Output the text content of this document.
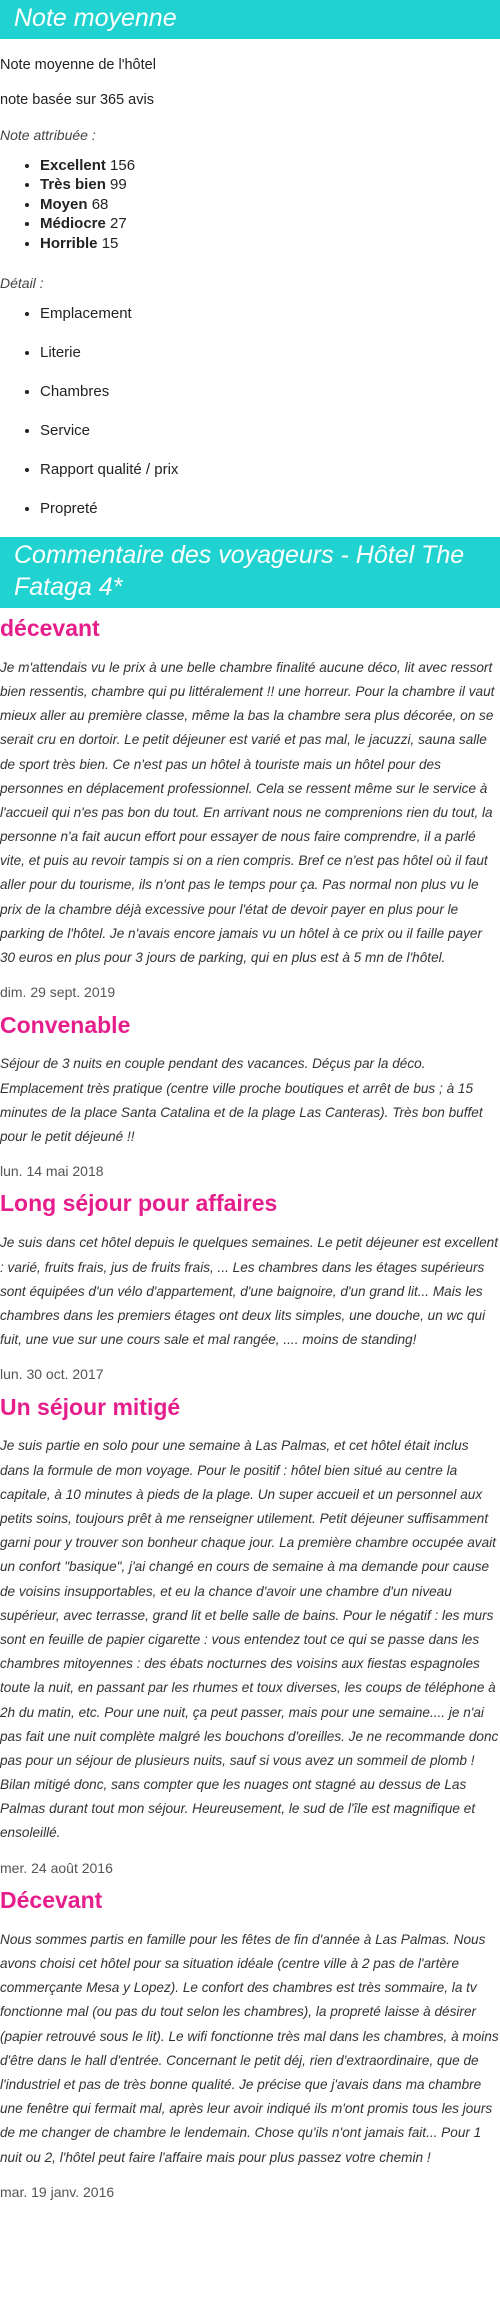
Note moyenne

Note moyenne de l'hôtel

note basée sur 365 avis

Note attribuée :

• Excellent 156
• Très bien 99
• Moyen 68
• Médiocre 27
• Horrible 15

Détail :

• Emplacement
• Literie
• Chambres
• Service
• Rapport qualité / prix
• Propreté
Commentaire des voyageurs - Hôtel The Fataga 4*
décevant

Je m'attendais vu le prix à une belle chambre finalité aucune déco, lit avec ressort bien ressentis, chambre qui pu littéralement !! une horreur. Pour la chambre il vaut mieux aller au première classe, même la bas la chambre sera plus décorée, on se serait cru en dortoir. Le petit déjeuner est varié et pas mal, le jacuzzi, sauna salle de sport très bien. Ce n'est pas un hôtel à touriste mais un hôtel pour des personnes en déplacement professionnel. Cela se ressent même sur le service à l'accueil qui n'es pas bon du tout. En arrivant nous ne comprenions rien du tout, la personne n'a fait aucun effort pour essayer de nous faire comprendre, il a parlé vite, et puis au revoir tampis si on a rien compris. Bref ce n'est pas hôtel où il faut aller pour du tourisme, ils n'ont pas le temps pour ça. Pas normal non plus vu le prix de la chambre déjà excessive pour l'état de devoir payer en plus pour le parking de l'hôtel. Je n'avais encore jamais vu un hôtel à ce prix ou il faille payer 30 euros en plus pour 3 jours de parking, qui en plus est à 5 mn de l'hôtel.

dim. 29 sept. 2019

Convenable

Séjour de 3 nuits en couple pendant des vacances. Déçus par la déco. Emplacement très pratique (centre ville proche boutiques et arrêt de bus ; à 15 minutes de la place Santa Catalina et de la plage Las Canteras). Très bon buffet pour le petit déjeuné !!

lun. 14 mai 2018

Long séjour pour affaires

Je suis dans cet hôtel depuis le quelques semaines. Le petit déjeuner est excellent : varié, fruits frais, jus de fruits frais, ... Les chambres dans les étages supérieurs sont équipées d'un vélo d'appartement, d'une baignoire, d'un grand lit... Mais les chambres dans les premiers étages ont deux lits simples, une douche, un wc qui fuit, une vue sur une cours sale et mal rangée, .... moins de standing!

lun. 30 oct. 2017

Un séjour mitigé

Je suis partie en solo pour une semaine à Las Palmas, et cet hôtel était inclus dans la formule de mon voyage. Pour le positif : hôtel bien situé au centre la capitale, à 10 minutes à pieds de la plage. Un super accueil et un personnel aux petits soins, toujours prêt à me renseigner utilement. Petit déjeuner suffisamment garni pour y trouver son bonheur chaque jour. La première chambre occupée avait un confort "basique", j'ai changé en cours de semaine à ma demande pour cause de voisins insupportables, et eu la chance d'avoir une chambre d'un niveau supérieur, avec terrasse, grand lit et belle salle de bains. Pour le négatif : les murs sont en feuille de papier cigarette : vous entendez tout ce qui se passe dans les chambres mitoyennes : des ébats nocturnes des voisins aux fiestas espagnoles toute la nuit, en passant par les rhumes et toux diverses, les coups de téléphone à 2h du matin, etc. Pour une nuit, ça peut passer, mais pour une semaine.... je n'ai pas fait une nuit complète malgré les bouchons d'oreilles. Je ne recommande donc pas pour un séjour de plusieurs nuits, sauf si vous avez un sommeil de plomb ! Bilan mitigé donc, sans compter que les nuages ont stagné au dessus de Las Palmas durant tout mon séjour. Heureusement, le sud de l'île est magnifique et ensoleillé.

mer. 24 août 2016

Décevant

Nous sommes partis en famille pour les fêtes de fin d'année à Las Palmas. Nous avons choisi cet hôtel pour sa situation idéale (centre ville à 2 pas de l'artère commerçante Mesa y Lopez). Le confort des chambres est très sommaire, la tv fonctionne mal (ou pas du tout selon les chambres), la propreté laisse à désirer (papier retrouvé sous le lit). Le wifi fonctionne très mal dans les chambres, à moins d'être dans le hall d'entrée. Concernant le petit déj, rien d'extraordinaire, que de l'industriel et pas de très bonne qualité. Je précise que j'avais dans ma chambre une fenêtre qui fermait mal, après leur avoir indiqué ils m'ont promis tous les jours de me changer de chambre le lendemain. Chose qu'ils n'ont jamais fait... Pour 1 nuit ou 2, l'hôtel peut faire l'affaire mais pour plus passez votre chemin !

mar. 19 janv. 2016
